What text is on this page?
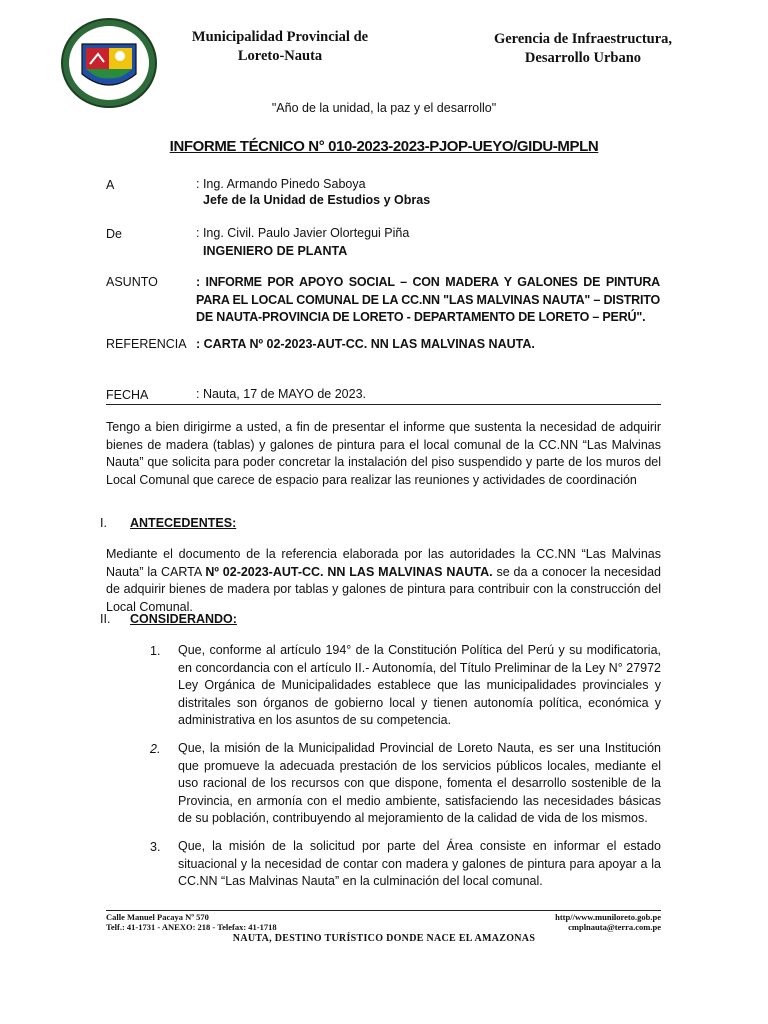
Municipalidad Provincial de
Loreto-Nauta
Gerencia de Infraestructura,
Desarrollo Urbano
"Año de la unidad, la paz y el desarrollo"
INFORME TÉCNICO N° 010-2023-2023-PJOP-UEYO/GIDU-MPLN
A	: Ing. Armando Pinedo Saboya
Jefe de la Unidad de Estudios y Obras
De	: Ing. Civil. Paulo Javier Olortegui Piña
INGENIERO DE PLANTA
ASUNTO	: INFORME POR APOYO SOCIAL – CON MADERA Y GALONES DE PINTURA PARA EL LOCAL COMUNAL DE LA CC.NN "LAS MALVINAS NAUTA" – DISTRITO DE NAUTA-PROVINCIA DE LORETO - DEPARTAMENTO DE LORETO – PERÚ".
REFERENCIA : CARTA Nº 02-2023-AUT-CC. NN LAS MALVINAS NAUTA.
FECHA	: Nauta, 17 de MAYO de 2023.
Tengo a bien dirigirme a usted, a fin de presentar el informe que sustenta la necesidad de adquirir bienes de madera (tablas) y galones de pintura para el local comunal de la CC.NN “Las Malvinas Nauta” que solicita para poder concretar la instalación del piso suspendido y parte de los muros del Local Comunal que carece de espacio para realizar las reuniones y actividades de coordinación
I. ANTECEDENTES:
Mediante el documento de la referencia elaborada por las autoridades la CC.NN “Las Malvinas Nauta” la CARTA Nº 02-2023-AUT-CC. NN LAS MALVINAS NAUTA. se da a conocer la necesidad de adquirir bienes de madera por tablas y galones de pintura para contribuir con la construcción del Local Comunal.
II. CONSIDERANDO:
1.	Que, conforme al artículo 194° de la Constitución Política del Perú y su modificatoria, en concordancia con el artículo II.- Autonomía, del Título Preliminar de la Ley N° 27972 Ley Orgánica de Municipalidades establece que las municipalidades provinciales y distritales son órganos de gobierno local y tienen autonomía política, económica y administrativa en los asuntos de su competencia.
2.	Que, la misión de la Municipalidad Provincial de Loreto Nauta, es ser una Institución que promueve la adecuada prestación de los servicios públicos locales, mediante el uso racional de los recursos con que dispone, fomenta el desarrollo sostenible de la Provincia, en armonía con el medio ambiente, satisfaciendo las necesidades básicas de su población, contribuyendo al mejoramiento de la calidad de vida de los mismos.
3.	Que, la misión de la solicitud por parte del Área consiste en informar el estado situacional y la necesidad de contar con madera y galones de pintura para apoyar a la CC.NN “Las Malvinas Nauta” en la culminación del local comunal.
Calle Manuel Pacaya Nº 570
Telf.: 41-1731 - ANEXO: 218 - Telefax: 41-1718
http//www.muniloreto.gob.pe
cmplnauta@terra.com.pe
NAUTA, DESTINO TURÍSTICO DONDE NACE EL AMAZONAS
